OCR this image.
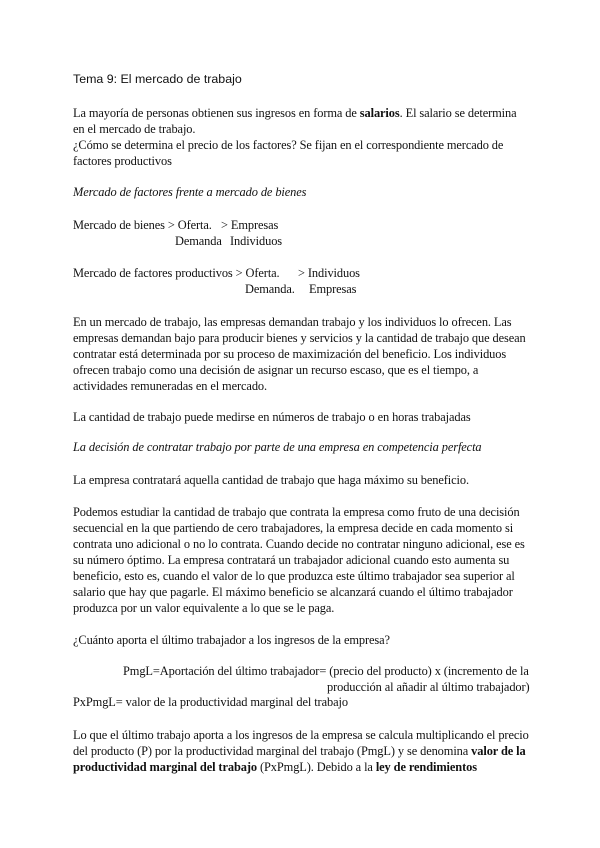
Tema 9: El mercado de trabajo
La mayoría de personas obtienen sus ingresos en forma de salarios. El salario se determina
en el mercado de trabajo.
¿Cómo se determina el precio de los factores? Se fijan en el correspondiente mercado de
factores productivos
Mercado de factores frente a mercado de bienes
Mercado de bienes > Oferta. > Empresas
Demanda Individuos
Mercado de factores productivos > Oferta. > Individuos
Demanda. Empresas
En un mercado de trabajo, las empresas demandan trabajo y los individuos lo ofrecen. Las
empresas demandan bajo para producir bienes y servicios y la cantidad de trabajo que desean
contratar está determinada por su proceso de maximización del beneficio. Los individuos
ofrecen trabajo como una decisión de asignar un recurso escaso, que es el tiempo, a
actividades remuneradas en el mercado.
La cantidad de trabajo puede medirse en números de trabajo o en horas trabajadas
La decisión de contratar trabajo por parte de una empresa en competencia perfecta
La empresa contratará aquella cantidad de trabajo que haga máximo su beneficio.
Podemos estudiar la cantidad de trabajo que contrata la empresa como fruto de una decisión
secuencial en la que partiendo de cero trabajadores, la empresa decide en cada momento si
contrata uno adicional o no lo contrata. Cuando decide no contratar ninguno adicional, ese es
su número óptimo. La empresa contratará un trabajador adicional cuando esto aumenta su
beneficio, esto es, cuando el valor de lo que produzca este último trabajador sea superior al
salario que hay que pagarle. El máximo beneficio se alcanzará cuando el último trabajador
produzca por un valor equivalente a lo que se le paga.
¿Cuánto aporta el último trabajador a los ingresos de la empresa?
PmgL=Aportación del último trabajador= (precio del producto) x (incremento de la
producción al añadir al último trabajador)
PxPmgL= valor de la productividad marginal del trabajo
Lo que el último trabajo aporta a los ingresos de la empresa se calcula multiplicando el precio
del producto (P) por la productividad marginal del trabajo (PmgL) y se denomina valor de la
productividad marginal del trabajo (PxPmgL). Debido a la ley de rendimientos
